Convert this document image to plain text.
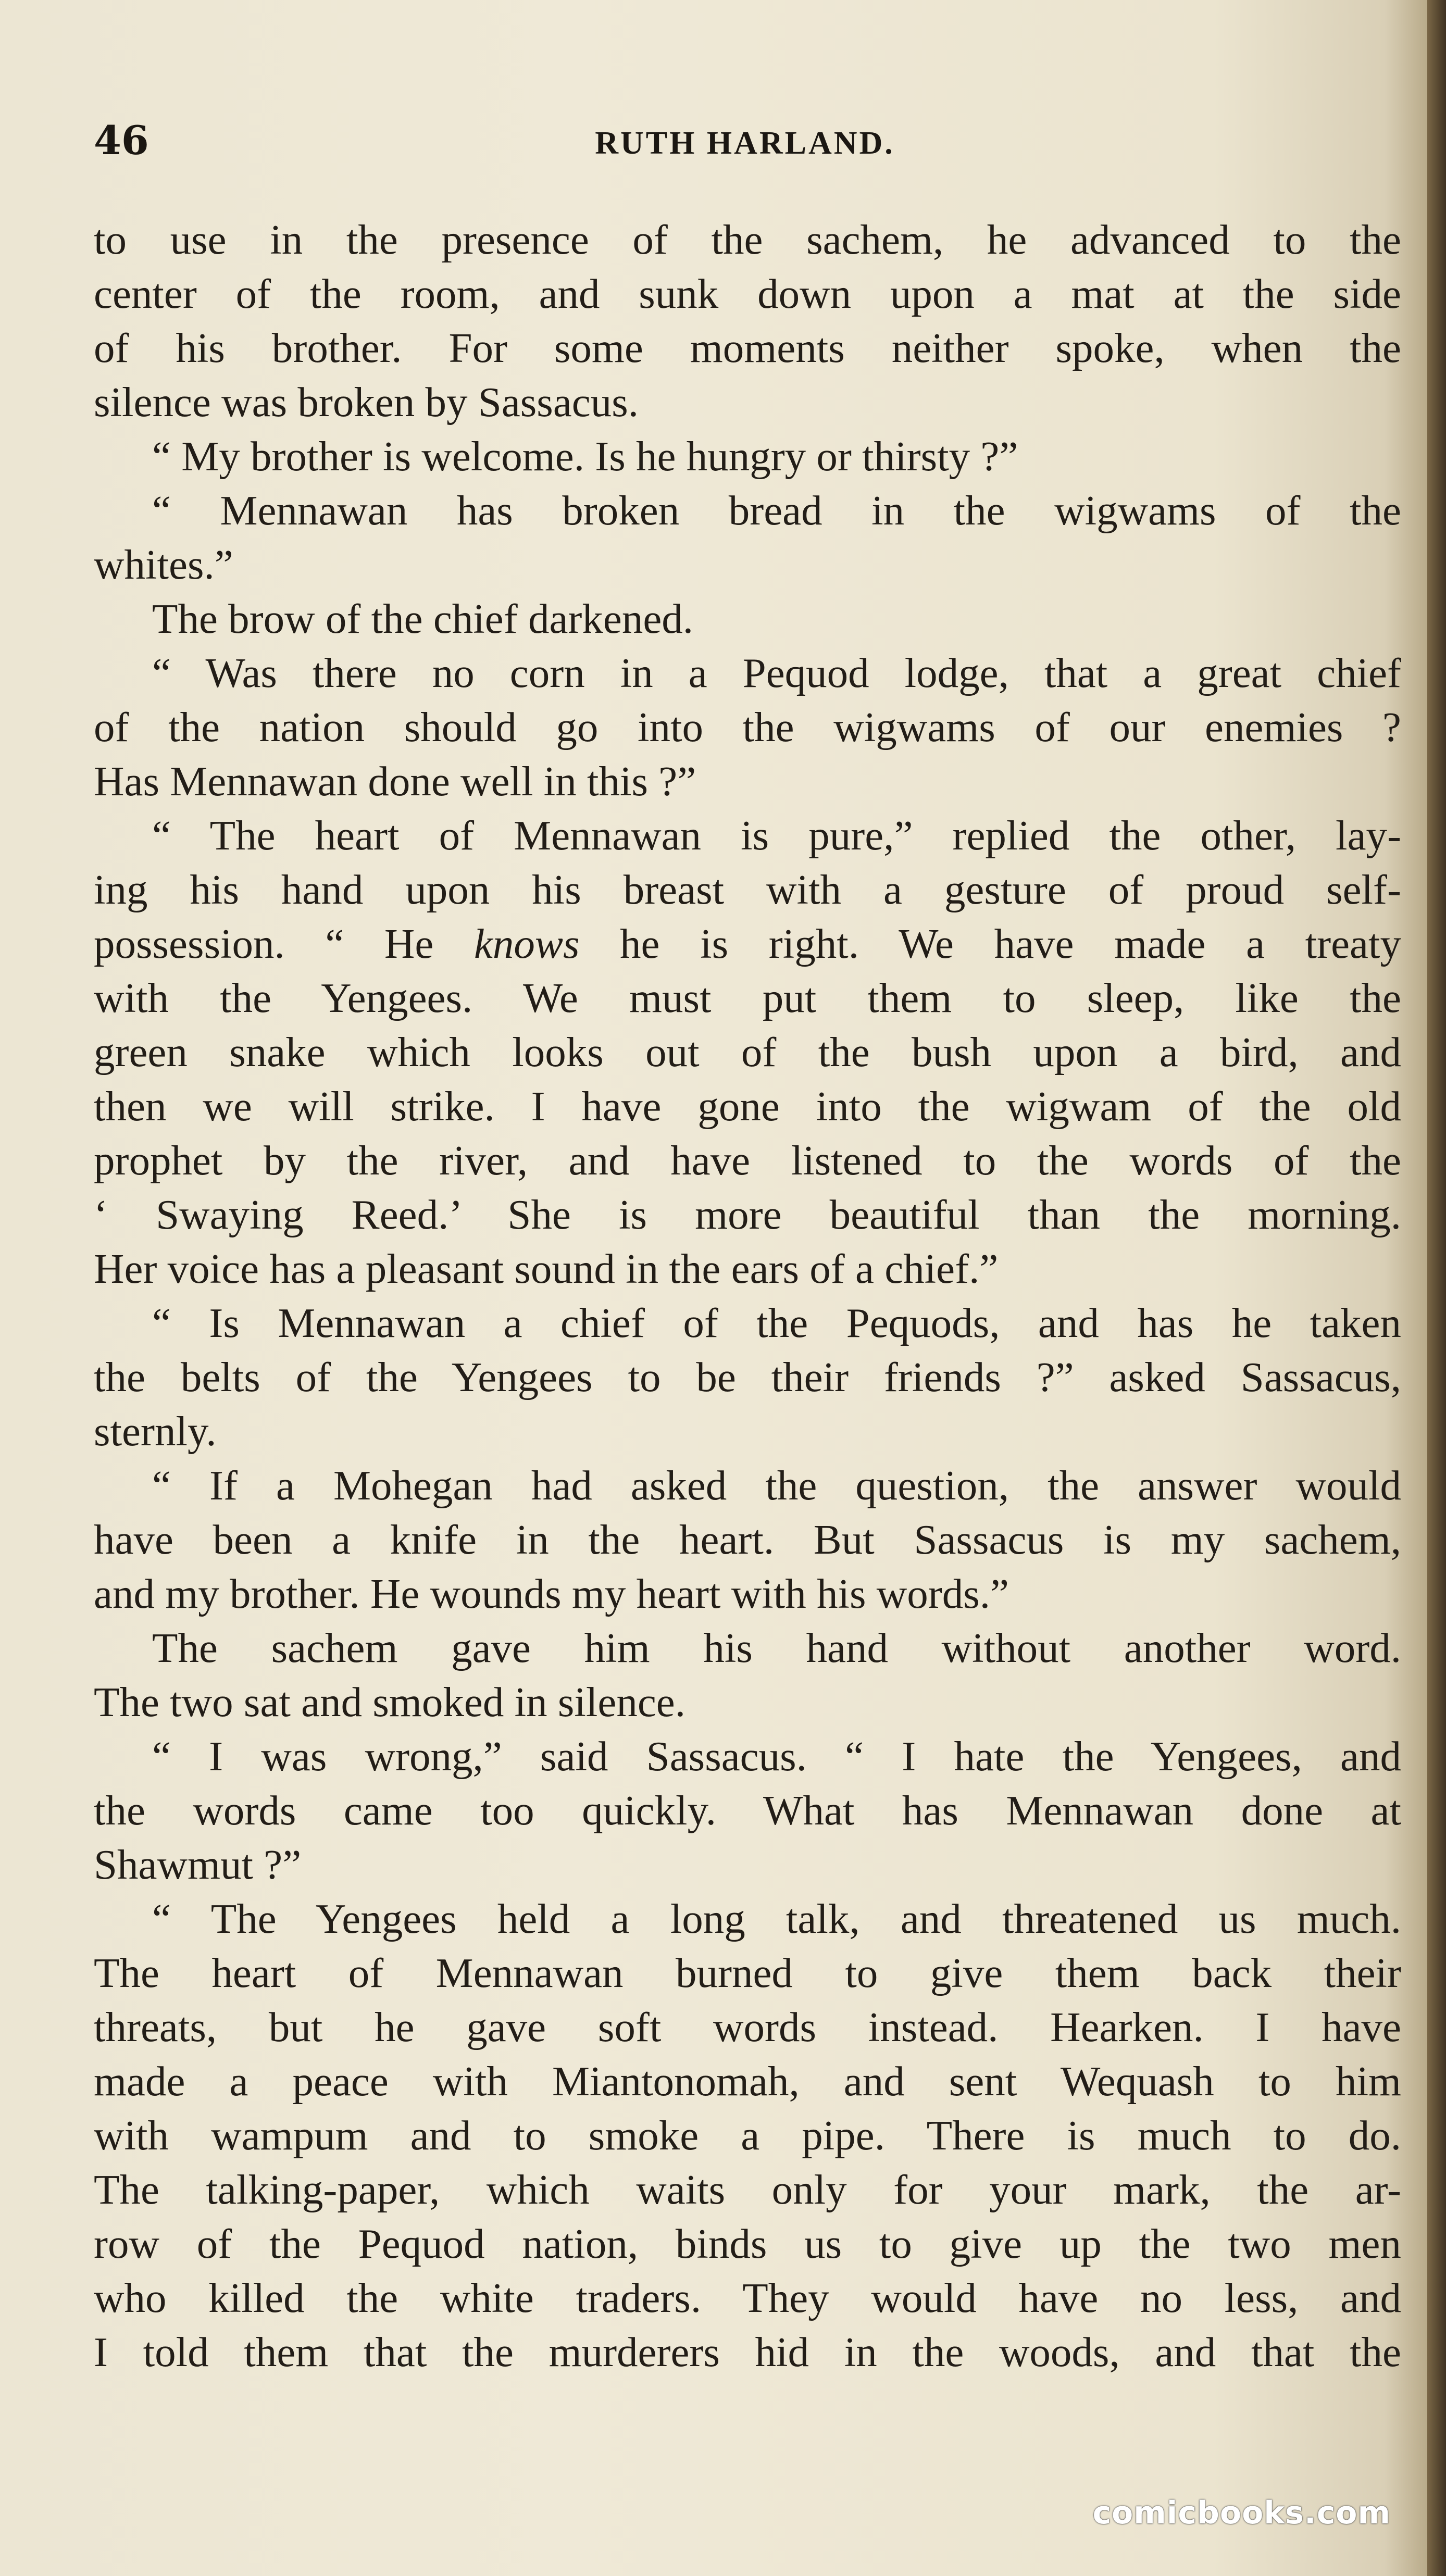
46	RUTH HARLAND.
to use in the presence of the sachem, he advanced to the
center of the room, and sunk down upon a mat at the side
of his brother. For some moments neither spoke, when the
silence was broken by Sassacus.
“ My brother is welcome. Is he hungry or thirsty ?”
“ Mennawan has broken bread in the wigwams of the
whites.”
The brow of the chief darkened.
“ Was there no corn in a Pequod lodge, that a great chief
of the nation should go into the wigwams of our enemies ?
Has Mennawan done well in this ?”
“ The heart of Mennawan is pure,” replied the other, lay-
ing his hand upon his breast with a gesture of proud self-
possession. “ He knows he is right. We have made a treaty
with the Yengees. We must put them to sleep, like the
green snake which looks out of the bush upon a bird, and
then we will strike. I have gone into the wigwam of the old
prophet by the river, and have listened to the words of the
‘ Swaying Reed.’ She is more beautiful than the morning.
Her voice has a pleasant sound in the ears of a chief.”
“ Is Mennawan a chief of the Pequods, and has he taken
the belts of the Yengees to be their friends ?” asked Sassacus,
sternly.
“ If a Mohegan had asked the question, the answer would
have been a knife in the heart. But Sassacus is my sachem,
and my brother. He wounds my heart with his words.”
The sachem gave him his hand without another word.
The two sat and smoked in silence.
“ I was wrong,” said Sassacus. “ I hate the Yengees, and
the words came too quickly. What has Mennawan done at
Shawmut ?”
“ The Yengees held a long talk, and threatened us much.
The heart of Mennawan burned to give them back their
threats, but he gave soft words instead. Hearken. I have
made a peace with Miantonomah, and sent Wequash to him
with wampum and to smoke a pipe. There is much to do.
The talking-paper, which waits only for your mark, the ar-
row of the Pequod nation, binds us to give up the two men
who killed the white traders. They would have no less, and
I told them that the murderers hid in the woods, and that the
comicbooks.com
